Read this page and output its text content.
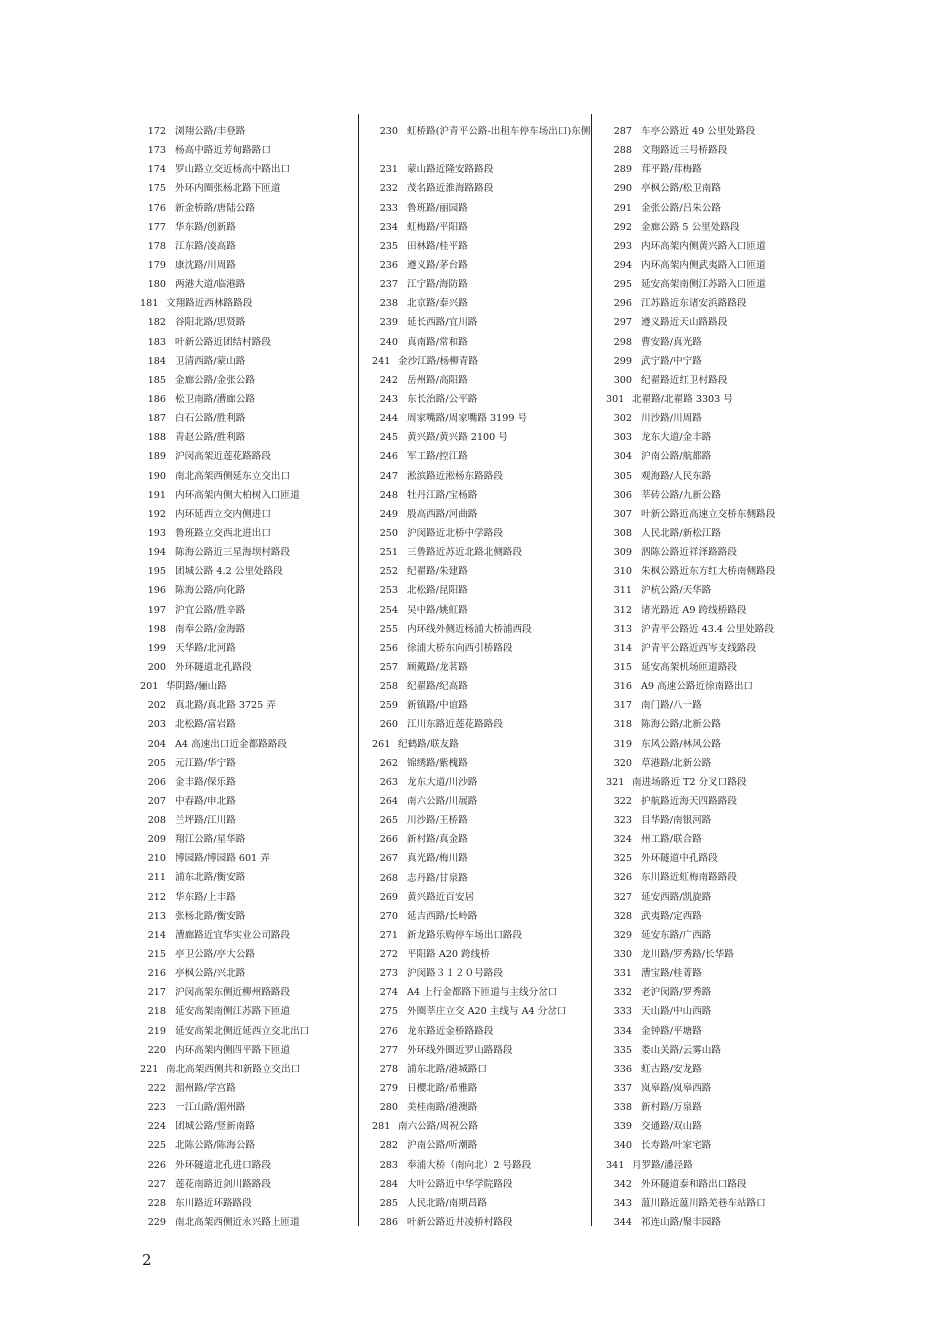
172 浏翔公路/丰登路
173 杨高中路近芳甸路路口
174 罗山路立交近杨高中路出口
175 外环内圈张杨北路下匝道
176 新金桥路/唐陆公路
177 华东路/创新路
178 江东路/凌高路
179 康沈路/川周路
180 两港大道/临港路
181 文翔路近西林路路段
182 谷阳北路/思贤路
183 叶新公路近团结村路段
184 卫清西路/蒙山路
185 金廊公路/金张公路
186 松卫南路/漕廊公路
187 白石公路/胜利路
188 青赵公路/胜利路
189 沪闵高架近莲花路路段
190 南北高架西侧延东立交出口
191 内环高架内侧大柏树入口匝道
192 内环延西立交内侧进口
193 鲁班路立交西北进出口
194 陈海公路近三星海坝村路段
195 团城公路 4.2 公里处路段
196 陈海公路/向化路
197 沪宜公路/胜辛路
198 南奉公路/金海路
199 天华路/北河路
200 外环隧道北孔路段
201 华阴路/骊山路
202 真北路/真北路 3725 弄
203 北松路/富岩路
204 A4 高速出口近金都路路段
205 元江路/华宁路
206 金丰路/保乐路
207 中春路/申北路
208 兰坪路/江川路
209 翔江公路/星华路
210 博园路/博园路 601 弄
211 浦东北路/衡安路
212 华东路/上丰路
213 张杨北路/衡安路
214 漕廊路近宜华实业公司路段
215 亭卫公路/亭大公路
216 亭枫公路/兴北路
217 沪闵高架东侧近柳州路路段
218 延安高架南侧江苏路下匝道
219 延安高架北侧近延西立交北出口
220 内环高架内侧四平路下匝道
221 南北高架西侧共和新路立交出口
222 湄州路/学宫路
223 一江山路/湄州路
224 团城公路/竖新南路
225 北陈公路/陈海公路
226 外环隧道北孔进口路段
227 莲花南路近剑川路路段
228 东川路近环路路段
229 南北高架西侧近永兴路上匝道
230 虹桥路(沪青平公路-出租车停车场出口)东侧
231 蒙山路近隆安路路段
232 茂名路近淮海路路段
233 鲁班路/丽园路
234 虹梅路/平阳路
235 田林路/桂平路
236 遵义路/茅台路
237 江宁路/海防路
238 北京路/泰兴路
239 延长西路/宜川路
240 真南路/常和路
241 金沙江路/杨柳青路
242 岳州路/高阳路
243 东长治路/公平路
244 周家嘴路/周家嘴路 3199 号
245 黄兴路/黄兴路 2100 号
246 军工路/控江路
247 淞滨路近淞杨东路路段
248 牡丹江路/宝杨路
249 殷高西路/河曲路
250 沪闵路近北桥中学路段
251 三鲁路近苏近北路北侧路段
252 纪翟路/朱建路
253 北松路/昆阳路
254 吴中路/姚虹路
255 内环线外侧近杨浦大桥浦西段
256 徐浦大桥东向西引桥路段
257 顾戴路/龙茗路
258 纪翟路/纪高路
259 新镇路/中谊路
260 江川东路近莲花路路段
261 纪鹤路/联友路
262 锦绣路/紫槐路
263 龙东大道/川沙路
264 南六公路/川展路
265 川沙路/王桥路
266 新村路/真金路
267 真光路/梅川路
268 志丹路/甘泉路
269 黄兴路近百安居
270 延吉西路/长岭路
271 新龙路乐购停车场出口路段
272 平阳路 A20 跨线桥
273 沪闵路３１２０号路段
274 A4 上行金都路下匝道与主线分岔口
275 外圈莘庄立交 A20 主线与 A4 分岔口
276 龙东路近金桥路路段
277 外环线外圈近罗山路路段
278 浦东北路/港城路口
279 日樱北路/希雅路
280 美桂南路/港澳路
281 南六公路/周祝公路
282 沪南公路/听潮路
283 奉浦大桥（南向北）2 号路段
284 大叶公路近中华学院路段
285 人民北路/南期昌路
286 叶新公路近井凌桥村路段
287 车亭公路近 49 公里处路段
288 文翔路近三号桥路段
289 茸平路/茸梅路
290 亭枫公路/松卫南路
291 金张公路/吕朱公路
292 金廊公路 5 公里处路段
293 内环高架内侧黄兴路入口匝道
294 内环高架内侧武夷路入口匝道
295 延安高架南侧江苏路入口匝道
296 江苏路近东诸安浜路路段
297 遵义路近天山路路段
298 曹安路/真光路
299 武宁路/中宁路
300 纪翟路近红卫村路段
301 北翟路/北翟路 3303 号
302 川沙路/川周路
303 龙东大道/金丰路
304 沪南公路/航都路
305 观海路/人民东路
306 莘砖公路/九新公路
307 叶新公路近高速立交桥东侧路段
308 人民北路/新松江路
309 泗陈公路近祥泽路路段
310 朱枫公路近东方红大桥南侧路段
311 沪杭公路/天华路
312 诸光路近 A9 跨线桥路段
313 沪青平公路近 43.4 公里处路段
314 沪青平公路近西岑支线路段
315 延安高架机场匝道路段
316 A9 高速公路近徐南路出口
317 南门路/八一路
318 陈海公路/北新公路
319 东风公路/林风公路
320 草港路/北新公路
321 南进场路近 T2 分叉口路段
322 护航路近海天四路路段
323 目华路/南银河路
324 州工路/联合路
325 外环隧道中孔路段
326 东川路近虹梅南路路段
327 延安西路/凯旋路
328 武夷路/定西路
329 延安东路/广西路
330 龙川路/罗秀路/长华路
331 漕宝路/桂菁路
332 老沪闵路/罗秀路
333 天山路/中山西路
334 金钟路/平塘路
335 娄山关路/云雾山路
336 虹古路/安龙路
337 岚皋路/岚皋西路
338 新村路/万泉路
339 交通路/双山路
340 长寿路/叶家宅路
341 月罗路/潘泾路
342 外环隧道泰和路出口路段
343 蕰川路近蕰川路羌巷车站路口
344 祁连山路/聚丰园路
2
